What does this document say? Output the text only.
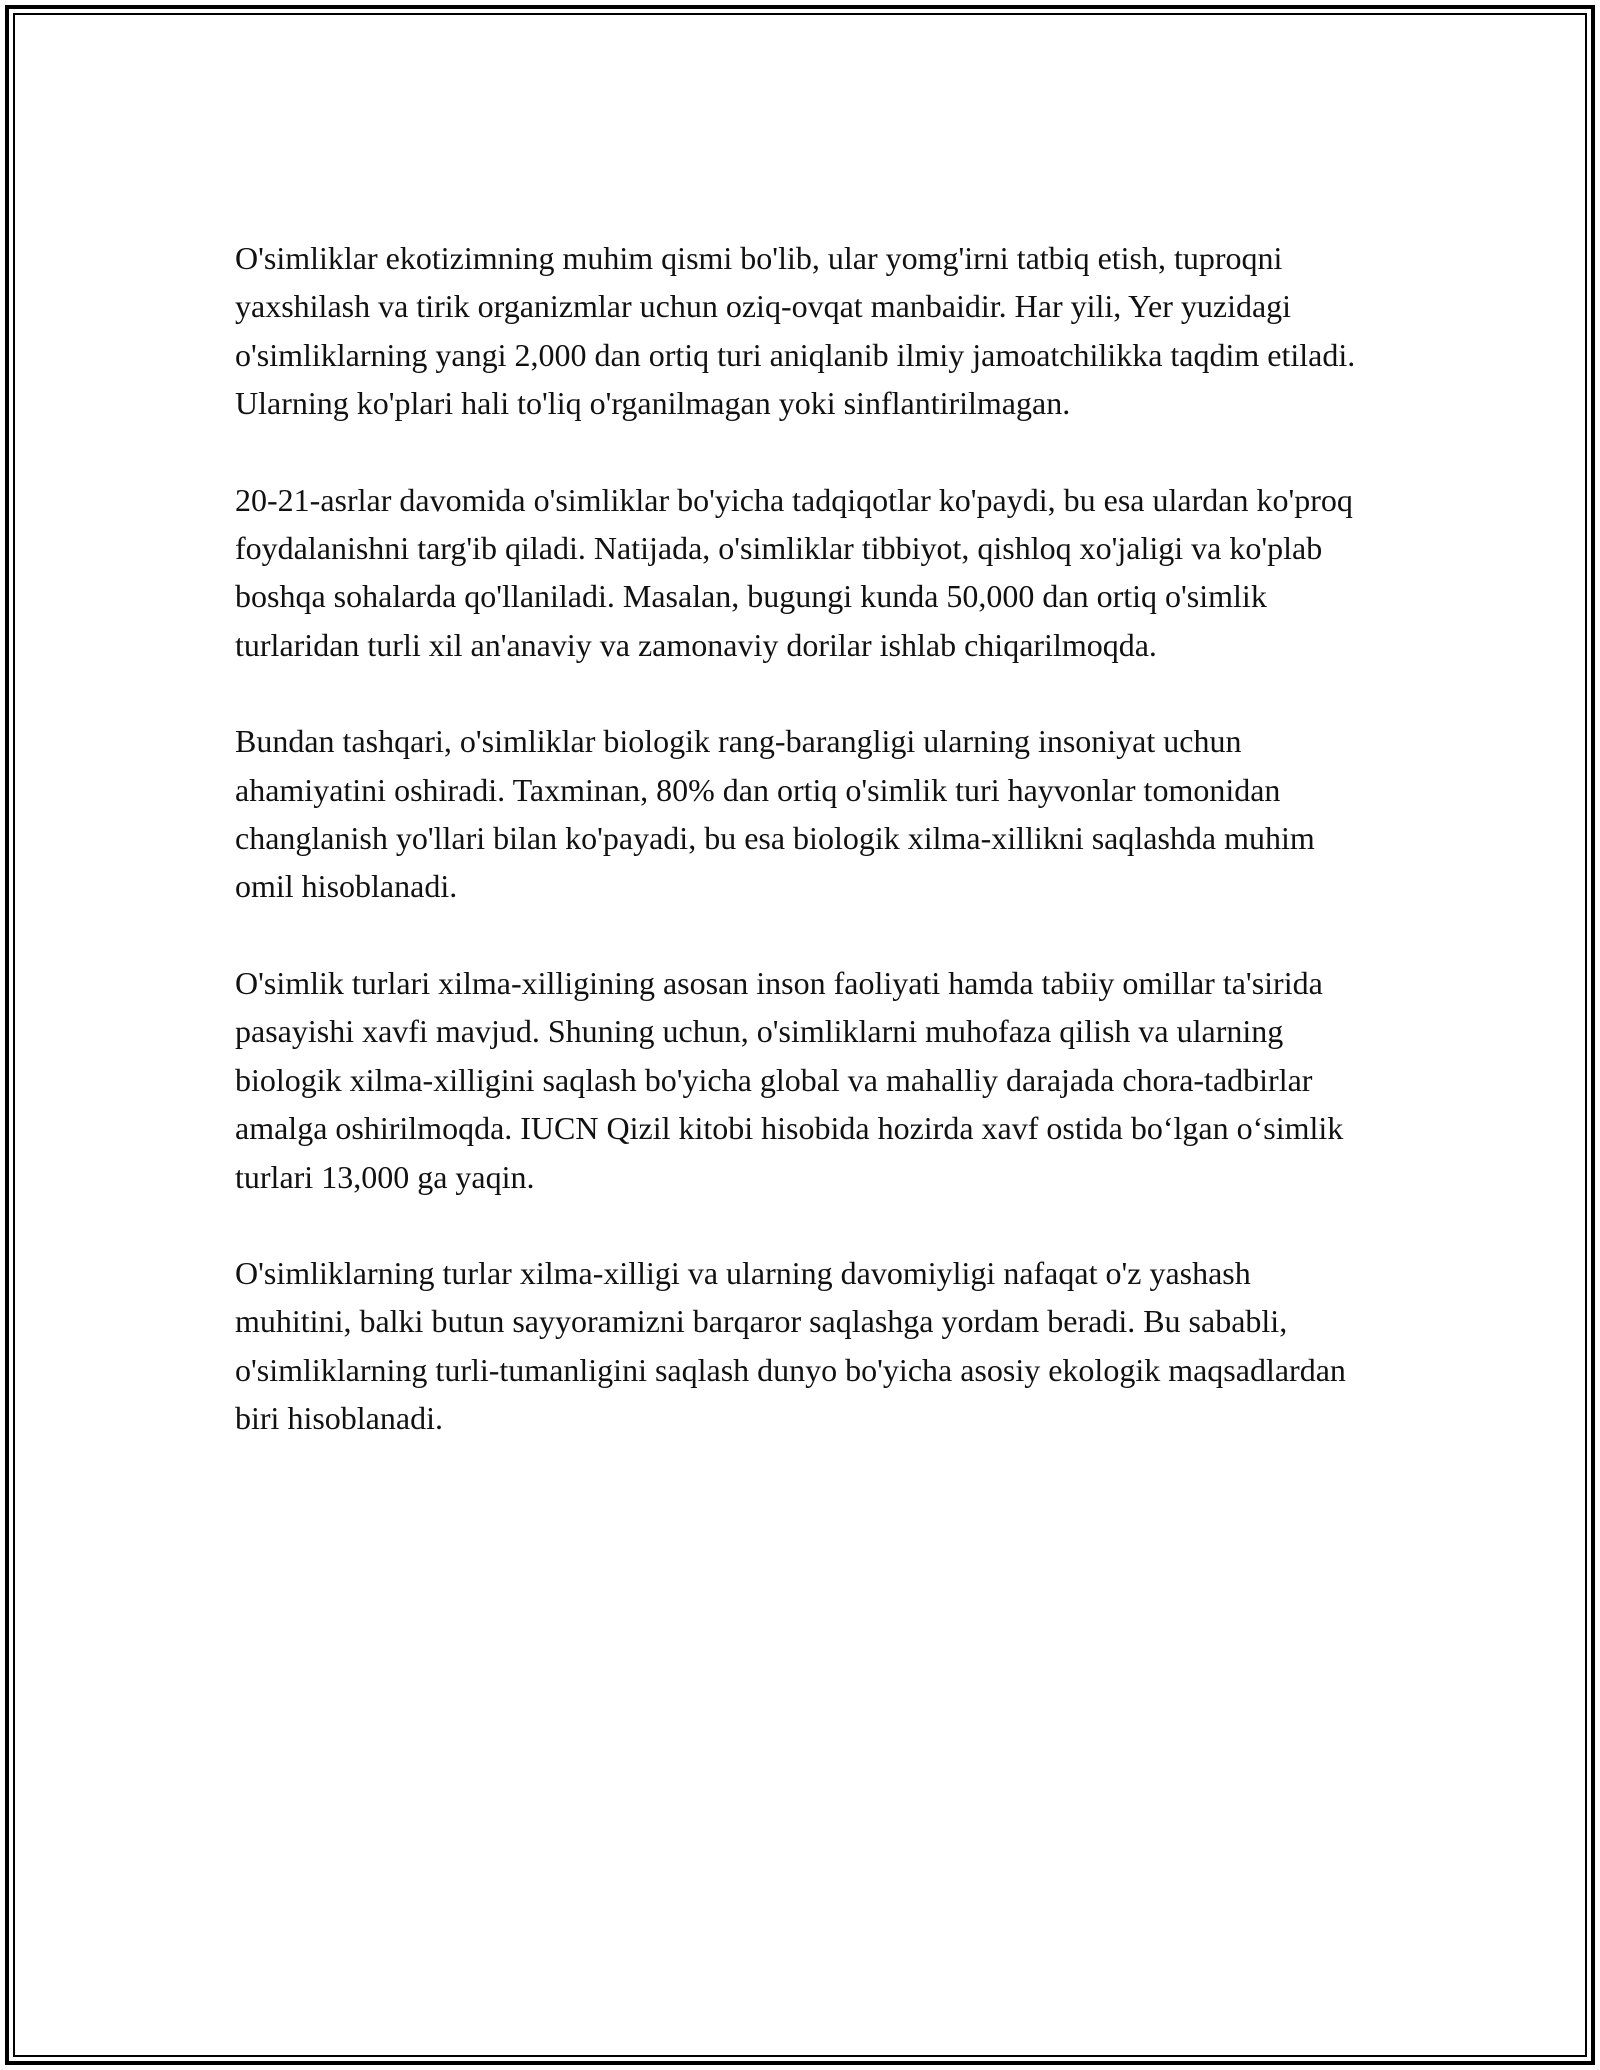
O'simliklar ekotizimning muhim qismi bo'lib, ular yomg'irni tatbiq etish, tuproqni yaxshilash va tirik organizmlar uchun oziq-ovqat manbaidir. Har yili, Yer yuzidagi o'simliklarning yangi 2,000 dan ortiq turi aniqlanib ilmiy jamoatchilikka taqdim etiladi. Ularning ko'plari hali to'liq o'rganilmagan yoki sinflantirilmagan.

20-21-asrlar davomida o'simliklar bo'yicha tadqiqotlar ko'paydi, bu esa ulardan ko'proq foydalanishni targ'ib qiladi. Natijada, o'simliklar tibbiyot, qishloq xo'jaligi va ko'plab boshqa sohalarda qo'llaniladi. Masalan, bugungi kunda 50,000 dan ortiq o'simlik turlaridan turli xil an'anaviy va zamonaviy dorilar ishlab chiqarilmoqda.

Bundan tashqari, o'simliklar biologik rang-barangligi ularning insoniyat uchun ahamiyatini oshiradi. Taxminan, 80% dan ortiq o'simlik turi hayvonlar tomonidan changlanish yo'llari bilan ko'payadi, bu esa biologik xilma-xillikni saqlashda muhim omil hisoblanadi.

O'simlik turlari xilma-xilligining asosan inson faoliyati hamda tabiiy omillar ta'sirida pasayishi xavfi mavjud. Shuning uchun, o'simliklarni muhofaza qilish va ularning biologik xilma-xilligini saqlash bo'yicha global va mahalliy darajada chora-tadbirlar amalga oshirilmoqda. IUCN Qizil kitobi hisobida hozirda xavf ostida bo‘lgan o‘simlik turlari 13,000 ga yaqin.

O'simliklarning turlar xilma-xilligi va ularning davomiyligi nafaqat o'z yashash muhitini, balki butun sayyoramizni barqaror saqlashga yordam beradi. Bu sababli, o'simliklarning turli-tumanligini saqlash dunyo bo'yicha asosiy ekologik maqsadlardan biri hisoblanadi.
